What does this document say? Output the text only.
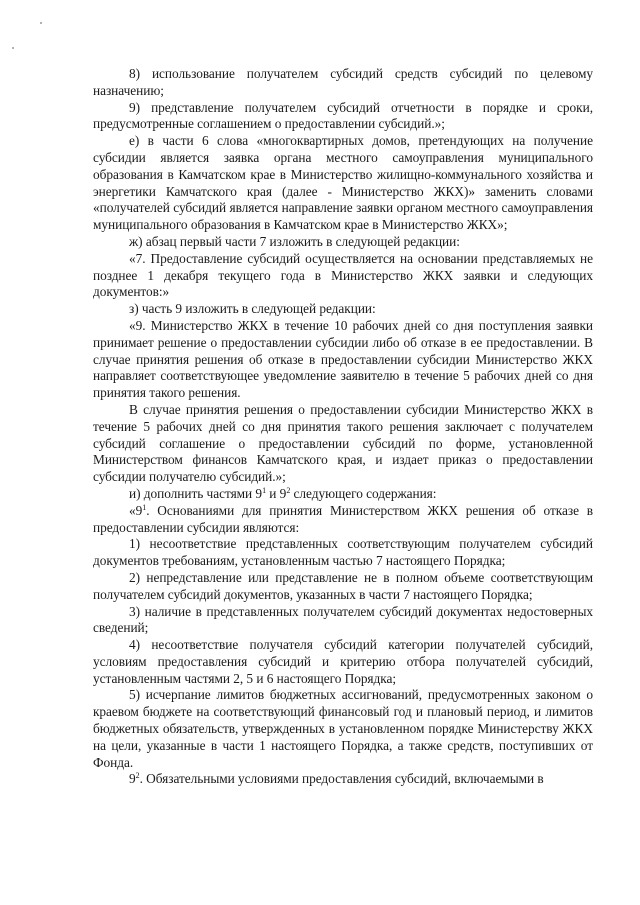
8) использование получателем субсидий средств субсидий по целевому назначению;

9) представление получателем субсидий отчетности в порядке и сроки, предусмотренные соглашением о предоставлении субсидий.»;

е) в части 6 слова «многоквартирных домов, претендующих на получение субсидии является заявка органа местного самоуправления муниципального образования в Камчатском крае в Министерство жилищно-коммунального хозяйства и энергетики Камчатского края (далее - Министерство ЖКХ)» заменить словами «получателей субсидий является направление заявки органом местного самоуправления муниципального образования в Камчатском крае в Министерство ЖКХ»;

ж) абзац первый части 7 изложить в следующей редакции:

«7. Предоставление субсидий осуществляется на основании представляемых не позднее 1 декабря текущего года в Министерство ЖКХ заявки и следующих документов:»

з) часть 9 изложить в следующей редакции:

«9. Министерство ЖКХ в течение 10 рабочих дней со дня поступления заявки принимает решение о предоставлении субсидии либо об отказе в ее предоставлении. В случае принятия решения об отказе в предоставлении субсидии Министерство ЖКХ направляет соответствующее уведомление заявителю в течение 5 рабочих дней со дня принятия такого решения.

В случае принятия решения о предоставлении субсидии Министерство ЖКХ в течение 5 рабочих дней со дня принятия такого решения заключает с получателем субсидий соглашение о предоставлении субсидий по форме, установленной Министерством финансов Камчатского края, и издает приказ о предоставлении субсидии получателю субсидий.»;

и) дополнить частями $9^1$ и $9^2$ следующего содержания:

«$9^1$. Основаниями для принятия Министерством ЖКХ решения об отказе в предоставлении субсидии являются:

1) несоответствие представленных соответствующим получателем субсидий документов требованиям, установленным частью 7 настоящего Порядка;

2) непредставление или представление не в полном объеме соответствующим получателем субсидий документов, указанных в части 7 настоящего Порядка;

3) наличие в представленных получателем субсидий документах недостоверных сведений;

4) несоответствие получателя субсидий категории получателей субсидий, условиям предоставления субсидий и критерию отбора получателей субсидий, установленным частями 2, 5 и 6 настоящего Порядка;

5) исчерпание лимитов бюджетных ассигнований, предусмотренных законом о краевом бюджете на соответствующий финансовый год и плановый период, и лимитов бюджетных обязательств, утвержденных в установленном порядке Министерству ЖКХ на цели, указанные в части 1 настоящего Порядка, а также средств, поступивших от Фонда.

$9^2$. Обязательными условиями предоставления субсидий, включаемыми в
